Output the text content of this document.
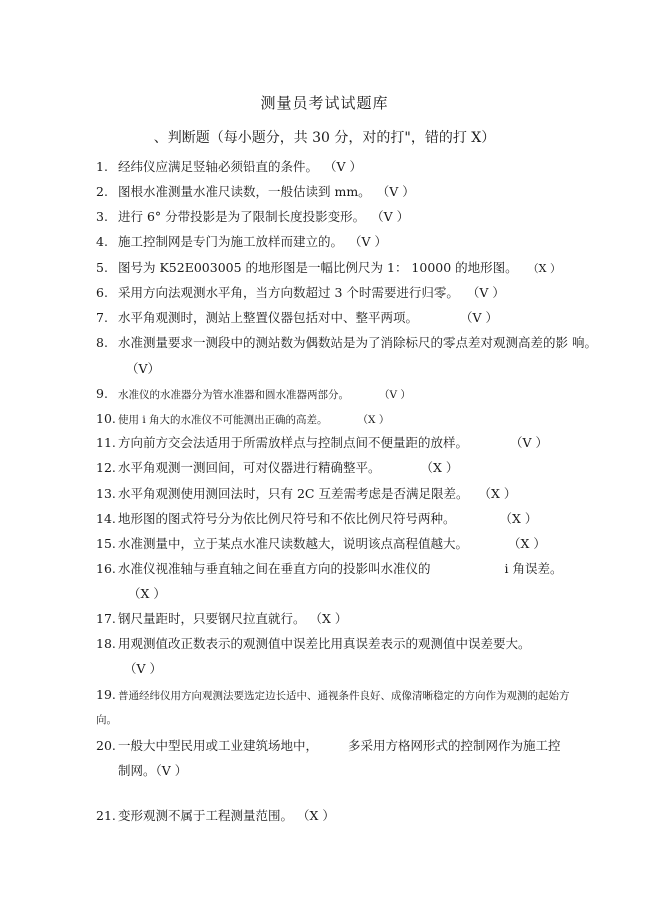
测量员考试试题库
、判断题（每小题分，共 30 分，对的打"，错的打 X）
1. 经纬仪应满足竖轴必须铅直的条件。 （V ）
2. 图根水准测量水准尺读数，一般估读到 mm。 （V ）
3. 进行 6° 分带投影是为了限制长度投影变形。 （V ）
4. 施工控制网是专门为施工放样而建立的。 （V ）
5. 图号为 K52E003005 的地形图是一幅比例尺为 1： 10000 的地形图。 （X ）
6. 采用方向法观测水平角，当方向数超过 3 个时需要进行归零。 （V ）
7. 水平角观测时，测站上整置仪器包括对中、整平两项。	（V ）
8. 水准测量要求一测段中的测站数为偶数站是为了消除标尺的零点差对观测高差的影 响。
（V）
9. 水准仪的水准器分为管水准器和圆水准器两部分。	（V ）
10. 使用 i 角大的水准仪不可能测出正确的高差。	（X ）
11. 方向前方交会法适用于所需放样点与控制点间不便量距的放样。	（V ）
12. 水平角观测一测回间，可对仪器进行精确整平。	（X ）
13. 水平角观测使用测回法时，只有 2C 互差需考虑是否满足限差。 （X ）
14. 地形图的图式符号分为依比例尺符号和不依比例尺符号两种。	（X ）
15. 水准测量中，立于某点水准尺读数越大，说明该点高程值越大。	（X ）
16. 水准仪视准轴与垂直轴之间在垂直方向的投影叫水准仪的	i 角误差。
（X ）
17. 钢尺量距时，只要钢尺拉直就行。 （X ）
18. 用观测值改正数表示的观测值中误差比用真误差表示的观测值中误差要大。
（V ）
19. 普通经纬仪用方向观测法要选定边长适中、通视条件良好、成像清晰稳定的方向作为观测的起始方
向。
20. 一般大中型民用或工业建筑场地中， 多采用方格网形式的控制网作为施工控
制网。（V ）
21. 变形观测不属于工程测量范围。 （X ）
